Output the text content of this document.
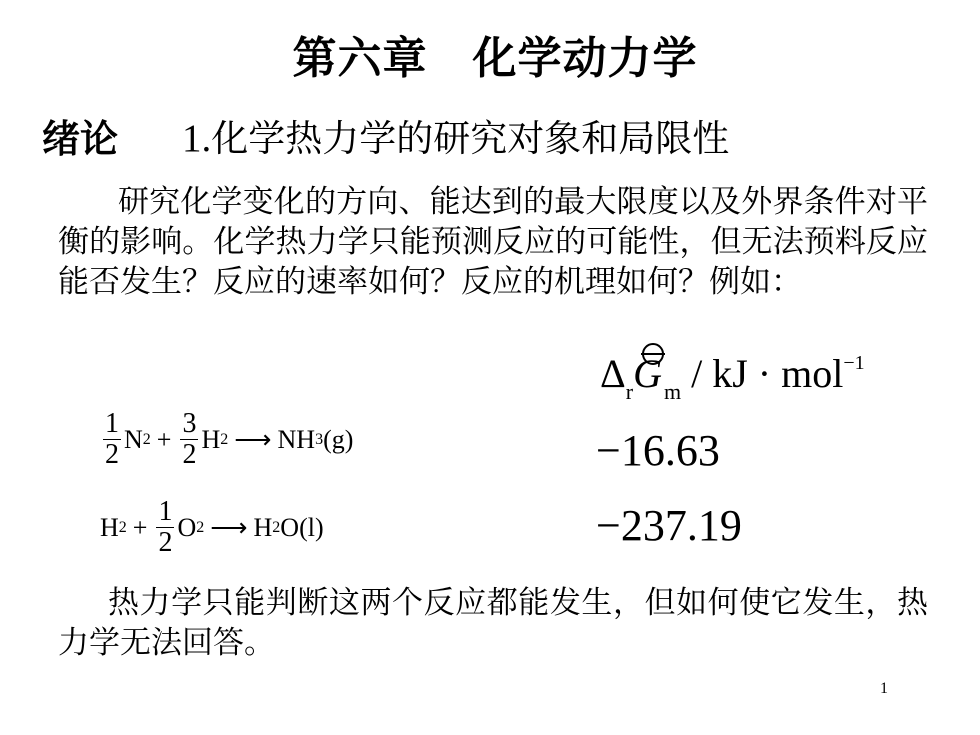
第六章　化学动力学
绪论 1.化学热力学的研究对象和局限性
研究化学变化的方向、能达到的最大限度以及外界条件对平衡的影响。化学热力学只能预测反应的可能性，但无法预料反应能否发生？反应的速率如何？反应的机理如何？例如：
$\Delta_rG_m$ / kJ · mol$^{-1}$
$\frac{1}{2}$ N $2 + \frac{3}{2}$ H 2 ⟶ NH 3 (g)	−16.63
H $2 + \frac{1}{2}$ O 2 ⟶ H 2 O(l)	−237.19
热力学只能判断这两个反应都能发生，但如何使它发生，热力学无法回答。
1
